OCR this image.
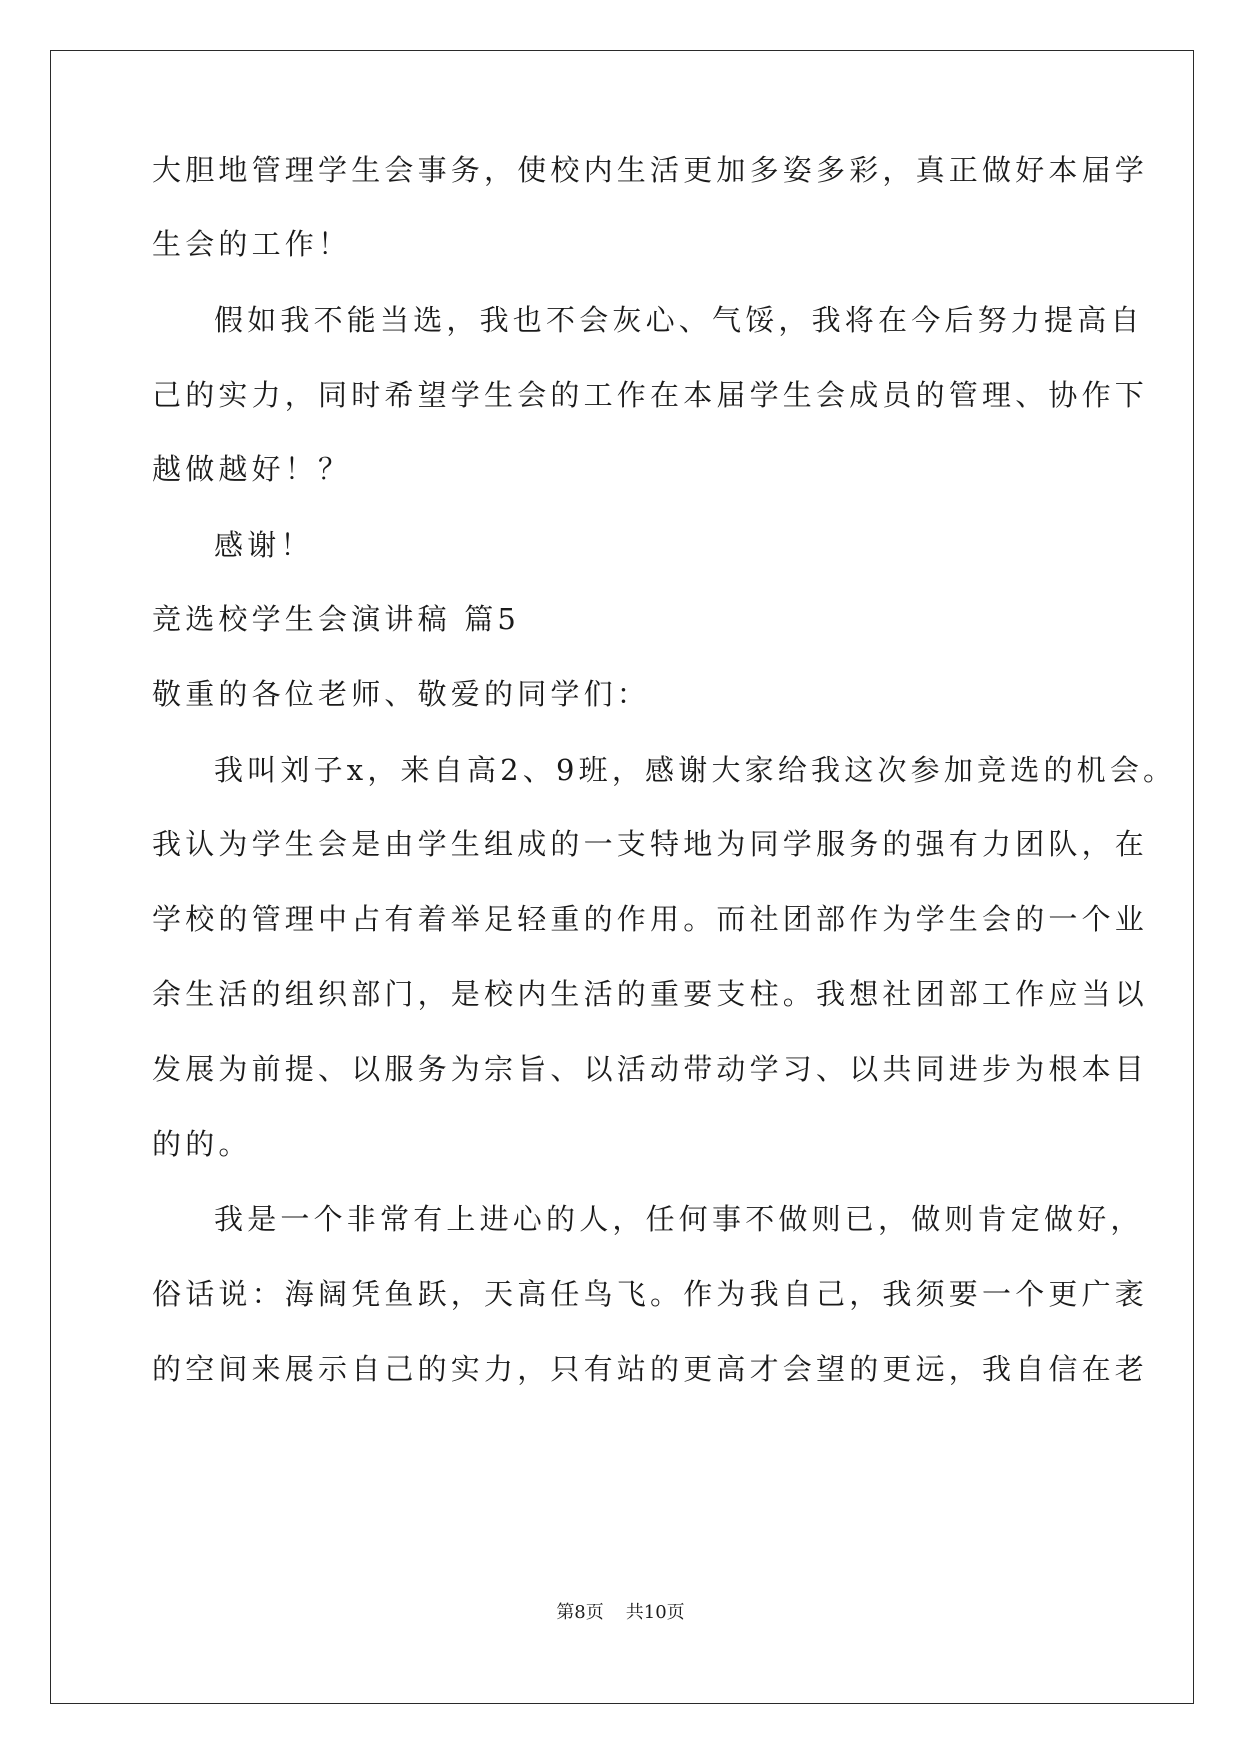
大胆地管理学生会事务，使校内生活更加多姿多彩，真正做好本届学
生会的工作！
假如我不能当选，我也不会灰心、气馁，我将在今后努力提高自
己的实力，同时希望学生会的工作在本届学生会成员的管理、协作下
越做越好！？
感谢！
竞选校学生会演讲稿 篇5
敬重的各位老师、敬爱的同学们：
我叫刘子x，来自高2、9班，感谢大家给我这次参加竞选的机会。
我认为学生会是由学生组成的一支特地为同学服务的强有力团队，在
学校的管理中占有着举足轻重的作用。而社团部作为学生会的一个业
余生活的组织部门，是校内生活的重要支柱。我想社团部工作应当以
发展为前提、以服务为宗旨、以活动带动学习、以共同进步为根本目
的的。
我是一个非常有上进心的人，任何事不做则已，做则肯定做好，
俗话说：海阔凭鱼跃，天高任鸟飞。作为我自己，我须要一个更广袤
的空间来展示自己的实力，只有站的更高才会望的更远，我自信在老
第8页 共10页
